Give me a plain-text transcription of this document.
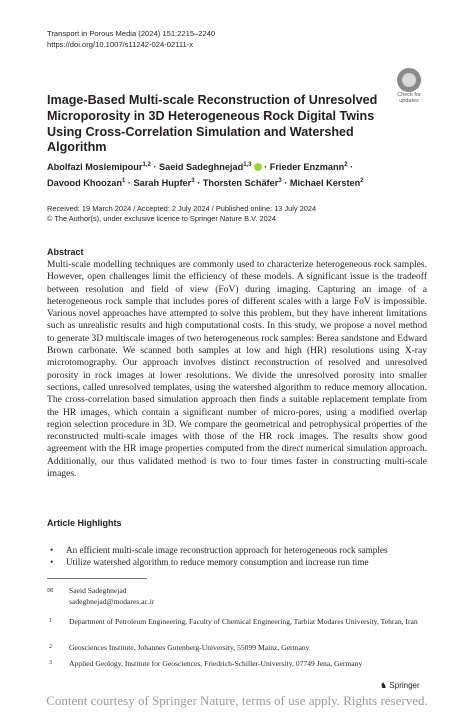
Transport in Porous Media (2024) 151:2215–2240
https://doi.org/10.1007/s11242-024-02111-x
Check for
updates
Image-Based Multi-scale Reconstruction of Unresolved Microporosity in 3D Heterogeneous Rock Digital Twins Using Cross-Correlation Simulation and Watershed Algorithm
Abolfazl Moslemipour$^{1,2}$ · Saeid Sadeghnejad$^{1,3}$ · Frieder Enzmann$^2$ ·
Davood Khoozan$^1$ · Sarah Hupfer$^3$ · Thorsten Schäfer$^3$ · Michael Kersten$^2$
Received: 19 March 2024 / Accepted: 2 July 2024 / Published online: 13 July 2024
© The Author(s), under exclusive licence to Springer Nature B.V. 2024
Abstract
Multi-scale modelling techniques are commonly used to characterize heterogeneous rock samples. However, open challenges limit the efficiency of these models. A significant issue is the tradeoff between resolution and field of view (FoV) during imaging. Capturing an image of a heterogeneous rock sample that includes pores of different scales with a large FoV is impossible. Various novel approaches have attempted to solve this problem, but they have inherent limitations such as unrealistic results and high computational costs. In this study, we propose a novel method to generate 3D multiscale images of two heterogeneous rock samples: Berea sandstone and Edward Brown carbonate. We scanned both samples at low and high (HR) resolutions using X-ray microtomography. Our approach involves distinct reconstruction of resolved and unresolved porosity in rock images at lower resolutions. We divide the unresolved porosity into smaller sections, called unresolved templates, using the watershed algorithm to reduce memory allocation. The cross-correlation based simulation approach then finds a suitable replacement template from the HR images, which contain a significant number of micro-pores, using a modified overlap region selection procedure in 3D. We compare the geometrical and petrophysical properties of the reconstructed multi-scale images with those of the HR rock images. The results show good agreement with the HR image properties computed from the direct numerical simulation approach. Additionally, our thus validated method is two to four times faster in constructing multi-scale images.
Article Highlights
• An efficient multi-scale image reconstruction approach for heterogeneous rock samples
• Utilize watershed algorithm to reduce memory consumption and increase run time
✉ Saeid Sadeghnejad
sadeghnejad@modares.ac.ir
1 Department of Petroleum Engineering, Faculty of Chemical Engineering, Tarbiat Modares University, Tehran, Iran
2 Geosciences Institute, Johannes Gutenberg-University, 55099 Mainz, Germany
3 Applied Geology, Institute for Geosciences, Friedrich-Schiller-University, 07749 Jena, Germany
♞ Springer
Content courtesy of Springer Nature, terms of use apply. Rights reserved.
